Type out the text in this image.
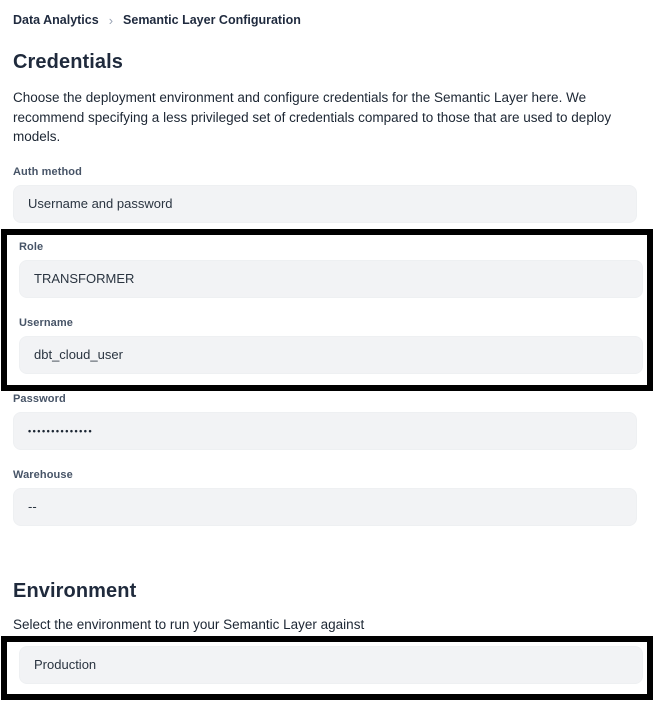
Data Analytics › Semantic Layer Configuration
Credentials

Choose the deployment environment and configure credentials for the Semantic Layer here. We recommend specifying a less privileged set of credentials compared to those that are used to deploy models.

Auth method
Username and password
Role
TRANSFORMER
Username
dbt_cloud_user
Password
••••••••••••••
Warehouse
--
Environment

Select the environment to run your Semantic Layer against

Production
